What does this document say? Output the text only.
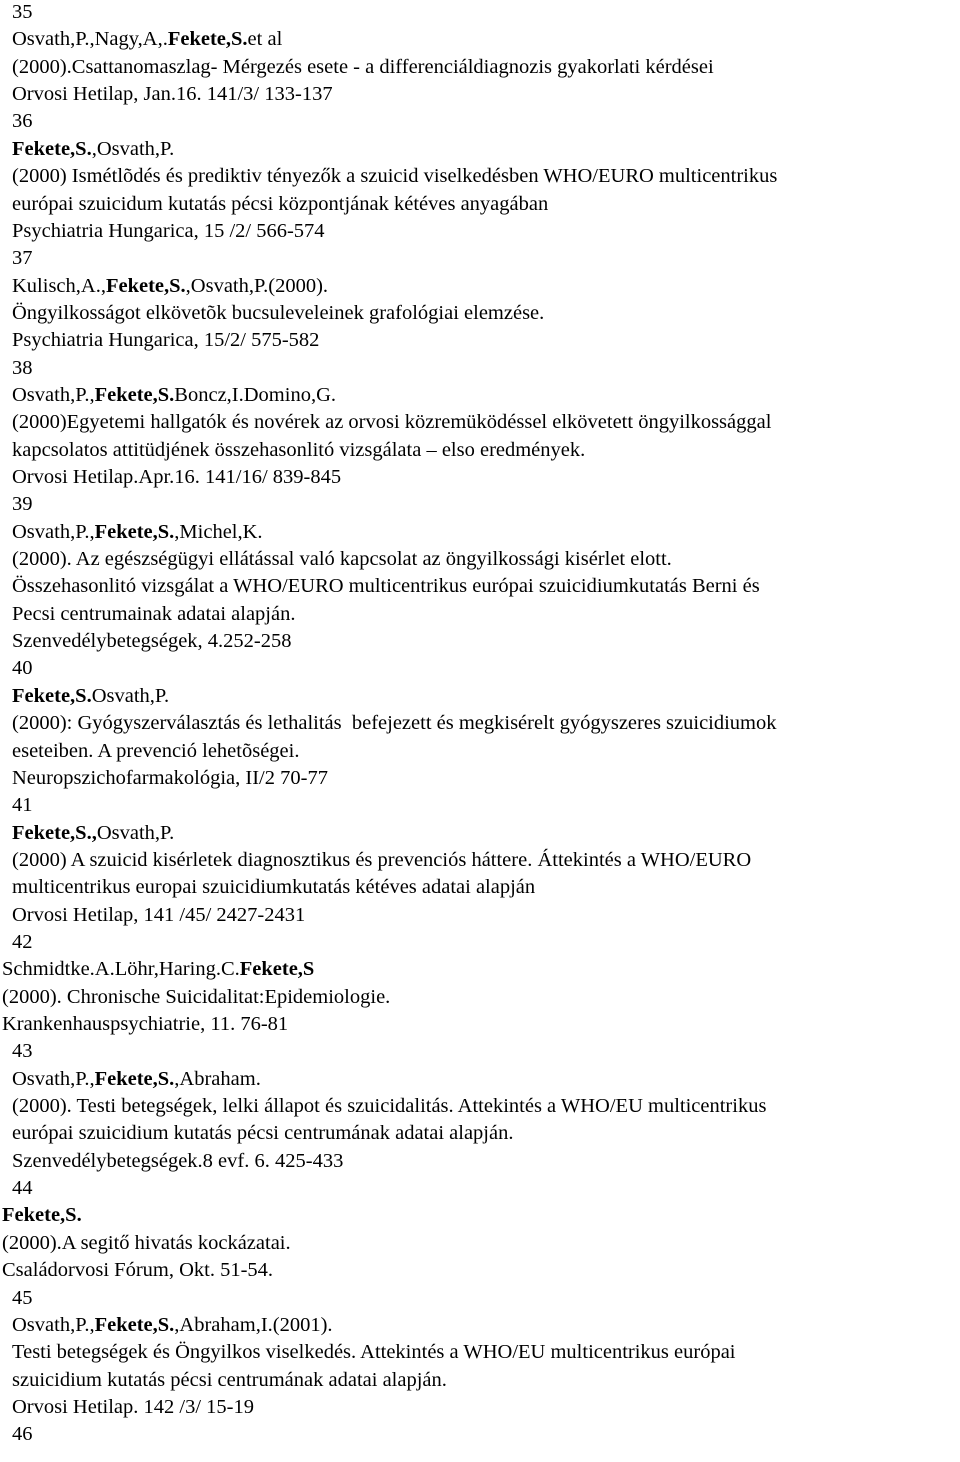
35
Osvath,P.,Nagy,A,.Fekete,S.et al
(2000).Csattanomaszlag- Mérgezés esete - a differenciáldiagnozis gyakorlati kérdései
Orvosi Hetilap, Jan.16. 141/3/ 133-137
36
Fekete,S.,Osvath,P.
(2000) Ismétlõdés és prediktiv tényezők a szuicid viselkedésben WHO/EURO multicentrikus
európai szuicidum kutatás pécsi központjának kétéves anyagában
Psychiatria Hungarica, 15 /2/ 566-574
37
Kulisch,A.,Fekete,S.,Osvath,P.(2000).
Öngyilkosságot elkövetõk bucsuleveleinek grafológiai elemzése.
Psychiatria Hungarica, 15/2/ 575-582
38
Osvath,P.,Fekete,S.Boncz,I.Domino,G.
(2000)Egyetemi hallgatók és novérek az orvosi közremüködéssel elkövetett öngyilkossággal
kapcsolatos attitüdjének összehasonlitó vizsgálata – elso eredmények.
Orvosi Hetilap.Apr.16. 141/16/ 839-845
39
Osvath,P.,Fekete,S.,Michel,K.
(2000). Az egészségügyi ellátással való kapcsolat az öngyilkossági kisérlet elott.
Összehasonlitó vizsgálat a WHO/EURO multicentrikus európai szuicidiumkutatás Berni és
Pecsi centrumainak adatai alapján.
Szenvedélybetegségek, 4.252-258
40
Fekete,S.Osvath,P.
(2000): Gyógyszerválasztás és lethalitás  befejezett és megkisérelt gyógyszeres szuicidiumok
eseteiben. A prevenció lehetõségei.
Neuropszichofarmakológia, II/2 70-77
41
Fekete,S.,Osvath,P.
(2000) A szuicid kisérletek diagnosztikus és prevenciós háttere. Áttekintés a WHO/EURO
multicentrikus europai szuicidiumkutatás kétéves adatai alapján
Orvosi Hetilap, 141 /45/ 2427-2431
42
Schmidtke.A.Löhr,Haring.C.Fekete,S
(2000). Chronische Suicidalitat:Epidemiologie.
Krankenhauspsychiatrie, 11. 76-81
43
Osvath,P.,Fekete,S.,Abraham.
(2000). Testi betegségek, lelki állapot és szuicidalitás. Attekintés a WHO/EU multicentrikus
európai szuicidium kutatás pécsi centrumának adatai alapján.
Szenvedélybetegségek.8 evf. 6. 425-433
44
Fekete,S.
(2000).A segitő hivatás kockázatai.
Családorvosi Fórum, Okt. 51-54.
45
Osvath,P.,Fekete,S.,Abraham,I.(2001).
Testi betegségek és Öngyilkos viselkedés. Attekintés a WHO/EU multicentrikus európai
szuicidium kutatás pécsi centrumának adatai alapján.
Orvosi Hetilap. 142 /3/ 15-19
46
